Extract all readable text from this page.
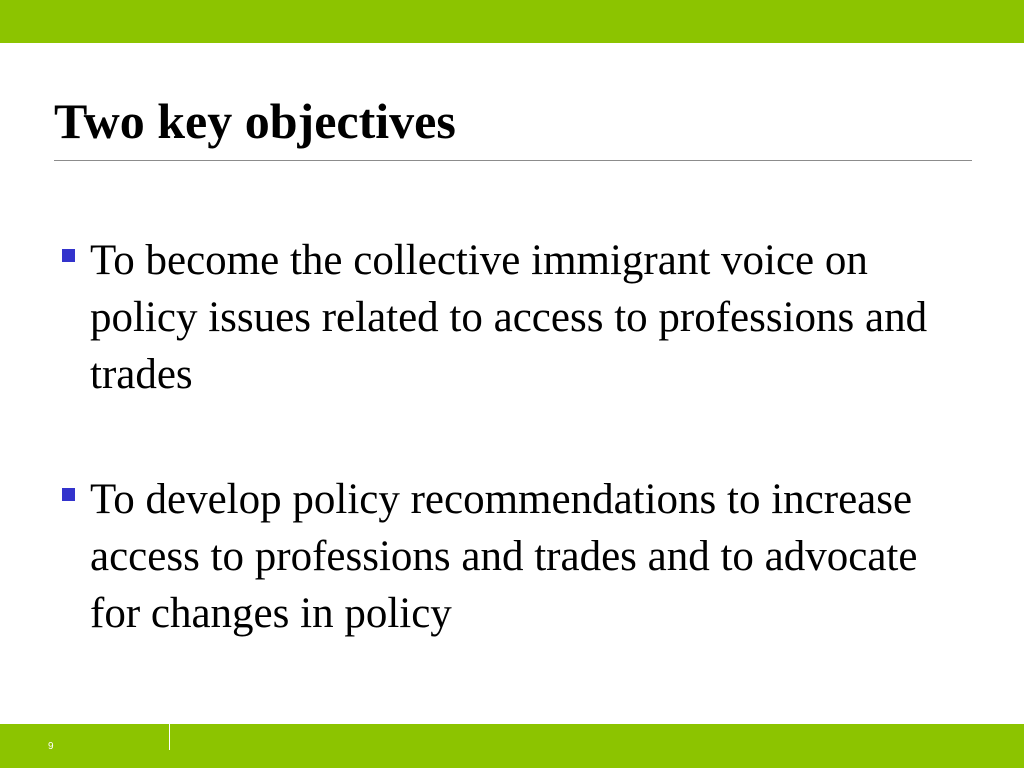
Two key objectives
To become the collective immigrant voice on policy issues related to access to professions and trades
To develop policy recommendations to increase access to professions and trades and to advocate for changes in policy
9
